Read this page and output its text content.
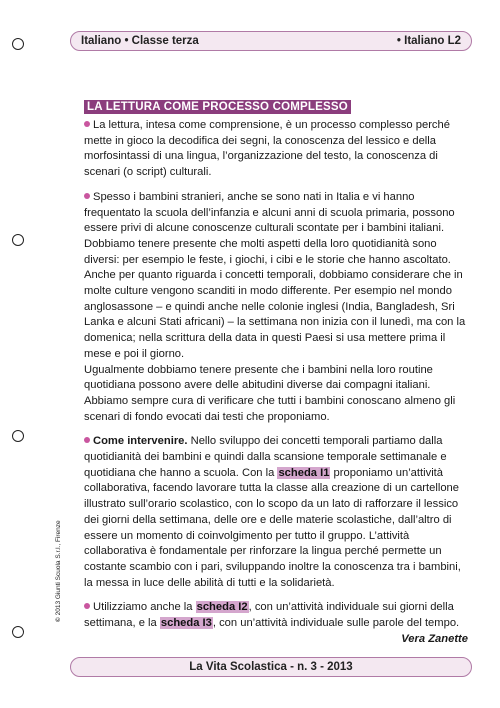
Italiano • Classe terza	• Italiano L2
LA LETTURA COME PROCESSO COMPLESSO

La lettura, intesa come comprensione, è un processo complesso perché mette in gioco la decodifica dei segni, la conoscenza del lessico e della morfosintassi di una lingua, l’organizzazione del testo, la conoscenza di scenari (o script) culturali.

Spesso i bambini stranieri, anche se sono nati in Italia e vi hanno frequentato la scuola dell’infanzia e alcuni anni di scuola primaria, possono essere privi di alcune conoscenze culturali scontate per i bambini italiani. Dobbiamo tenere presente che molti aspetti della loro quotidianità sono diversi: per esempio le feste, i giochi, i cibi e le storie che hanno ascoltato.

Anche per quanto riguarda i concetti temporali, dobbiamo considerare che in molte culture vengono scanditi in modo differente. Per esempio nel mondo anglosassone – e quindi anche nelle colonie inglesi (India, Bangladesh, Sri Lanka e alcuni Stati africani) – la settimana non inizia con il lunedì, ma con la domenica; nella scrittura della data in questi Paesi si usa mettere prima il mese e poi il giorno.

Ugualmente dobbiamo tenere presente che i bambini nella loro routine quotidiana possono avere delle abitudini diverse dai compagni italiani.

Abbiamo sempre cura di verificare che tutti i bambini conoscano almeno gli scenari di fondo evocati dai testi che proponiamo.

Come intervenire. Nello sviluppo dei concetti temporali partiamo dalla quotidianità dei bambini e quindi dalla scansione temporale settimanale e quotidiana che hanno a scuola. Con la scheda I1 proponiamo un’attività collaborativa, facendo lavorare tutta la classe alla creazione di un cartellone illustrato sull’orario scolastico, con lo scopo da un lato di rafforzare il lessico dei giorni della settimana, delle ore e delle materie scolastiche, dall’altro di essere un momento di coinvolgimento per tutto il gruppo. L’attività collaborativa è fondamentale per rinforzare la lingua perché permette un costante scambio con i pari, sviluppando inoltre la conoscenza tra i bambini, la messa in luce delle abilità di tutti e la solidarietà.

Utilizziamo anche la scheda I2, con un’attività individuale sui giorni della settimana, e la scheda I3, con un’attività individuale sulle parole del tempo.

Vera Zanette
© 2013 Giunti Scuola S.r.l., Firenze
La Vita Scolastica - n. 3 - 2013
